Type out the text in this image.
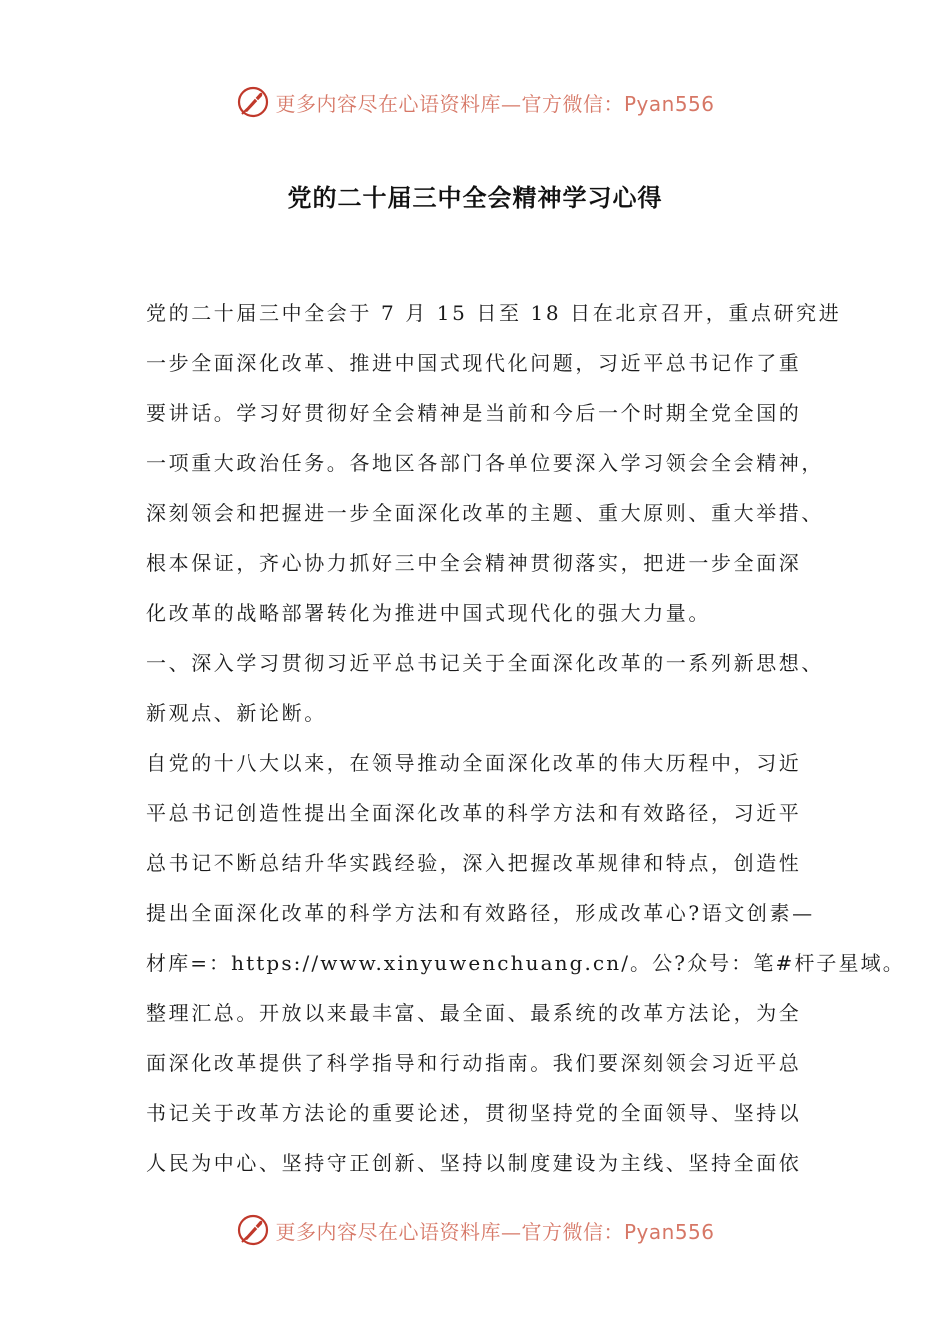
更多内容尽在心语资料库—官方微信：Pyan556
党的二十届三中全会精神学习心得
党的二十届三中全会于 7 月 15 日至 18 日在北京召开，重点研究进
一步全面深化改革、推进中国式现代化问题，习近平总书记作了重
要讲话。学习好贯彻好全会精神是当前和今后一个时期全党全国的
一项重大政治任务。各地区各部门各单位要深入学习领会全会精神，
深刻领会和把握进一步全面深化改革的主题、重大原则、重大举措、
根本保证，齐心协力抓好三中全会精神贯彻落实，把进一步全面深
化改革的战略部署转化为推进中国式现代化的强大力量。
一、深入学习贯彻习近平总书记关于全面深化改革的一系列新思想、
新观点、新论断。
自党的十八大以来，在领导推动全面深化改革的伟大历程中，习近
平总书记创造性提出全面深化改革的科学方法和有效路径，习近平
总书记不断总结升华实践经验，深入把握改革规律和特点，创造性
提出全面深化改革的科学方法和有效路径，形成改革心?语文创素—
材库=：https://www.xinyuwenchuang.cn/。公?众号：笔#杆子星域。
整理汇总。开放以来最丰富、最全面、最系统的改革方法论，为全
面深化改革提供了科学指导和行动指南。我们要深刻领会习近平总
书记关于改革方法论的重要论述，贯彻坚持党的全面领导、坚持以
人民为中心、坚持守正创新、坚持以制度建设为主线、坚持全面依
更多内容尽在心语资料库—官方微信：Pyan556
